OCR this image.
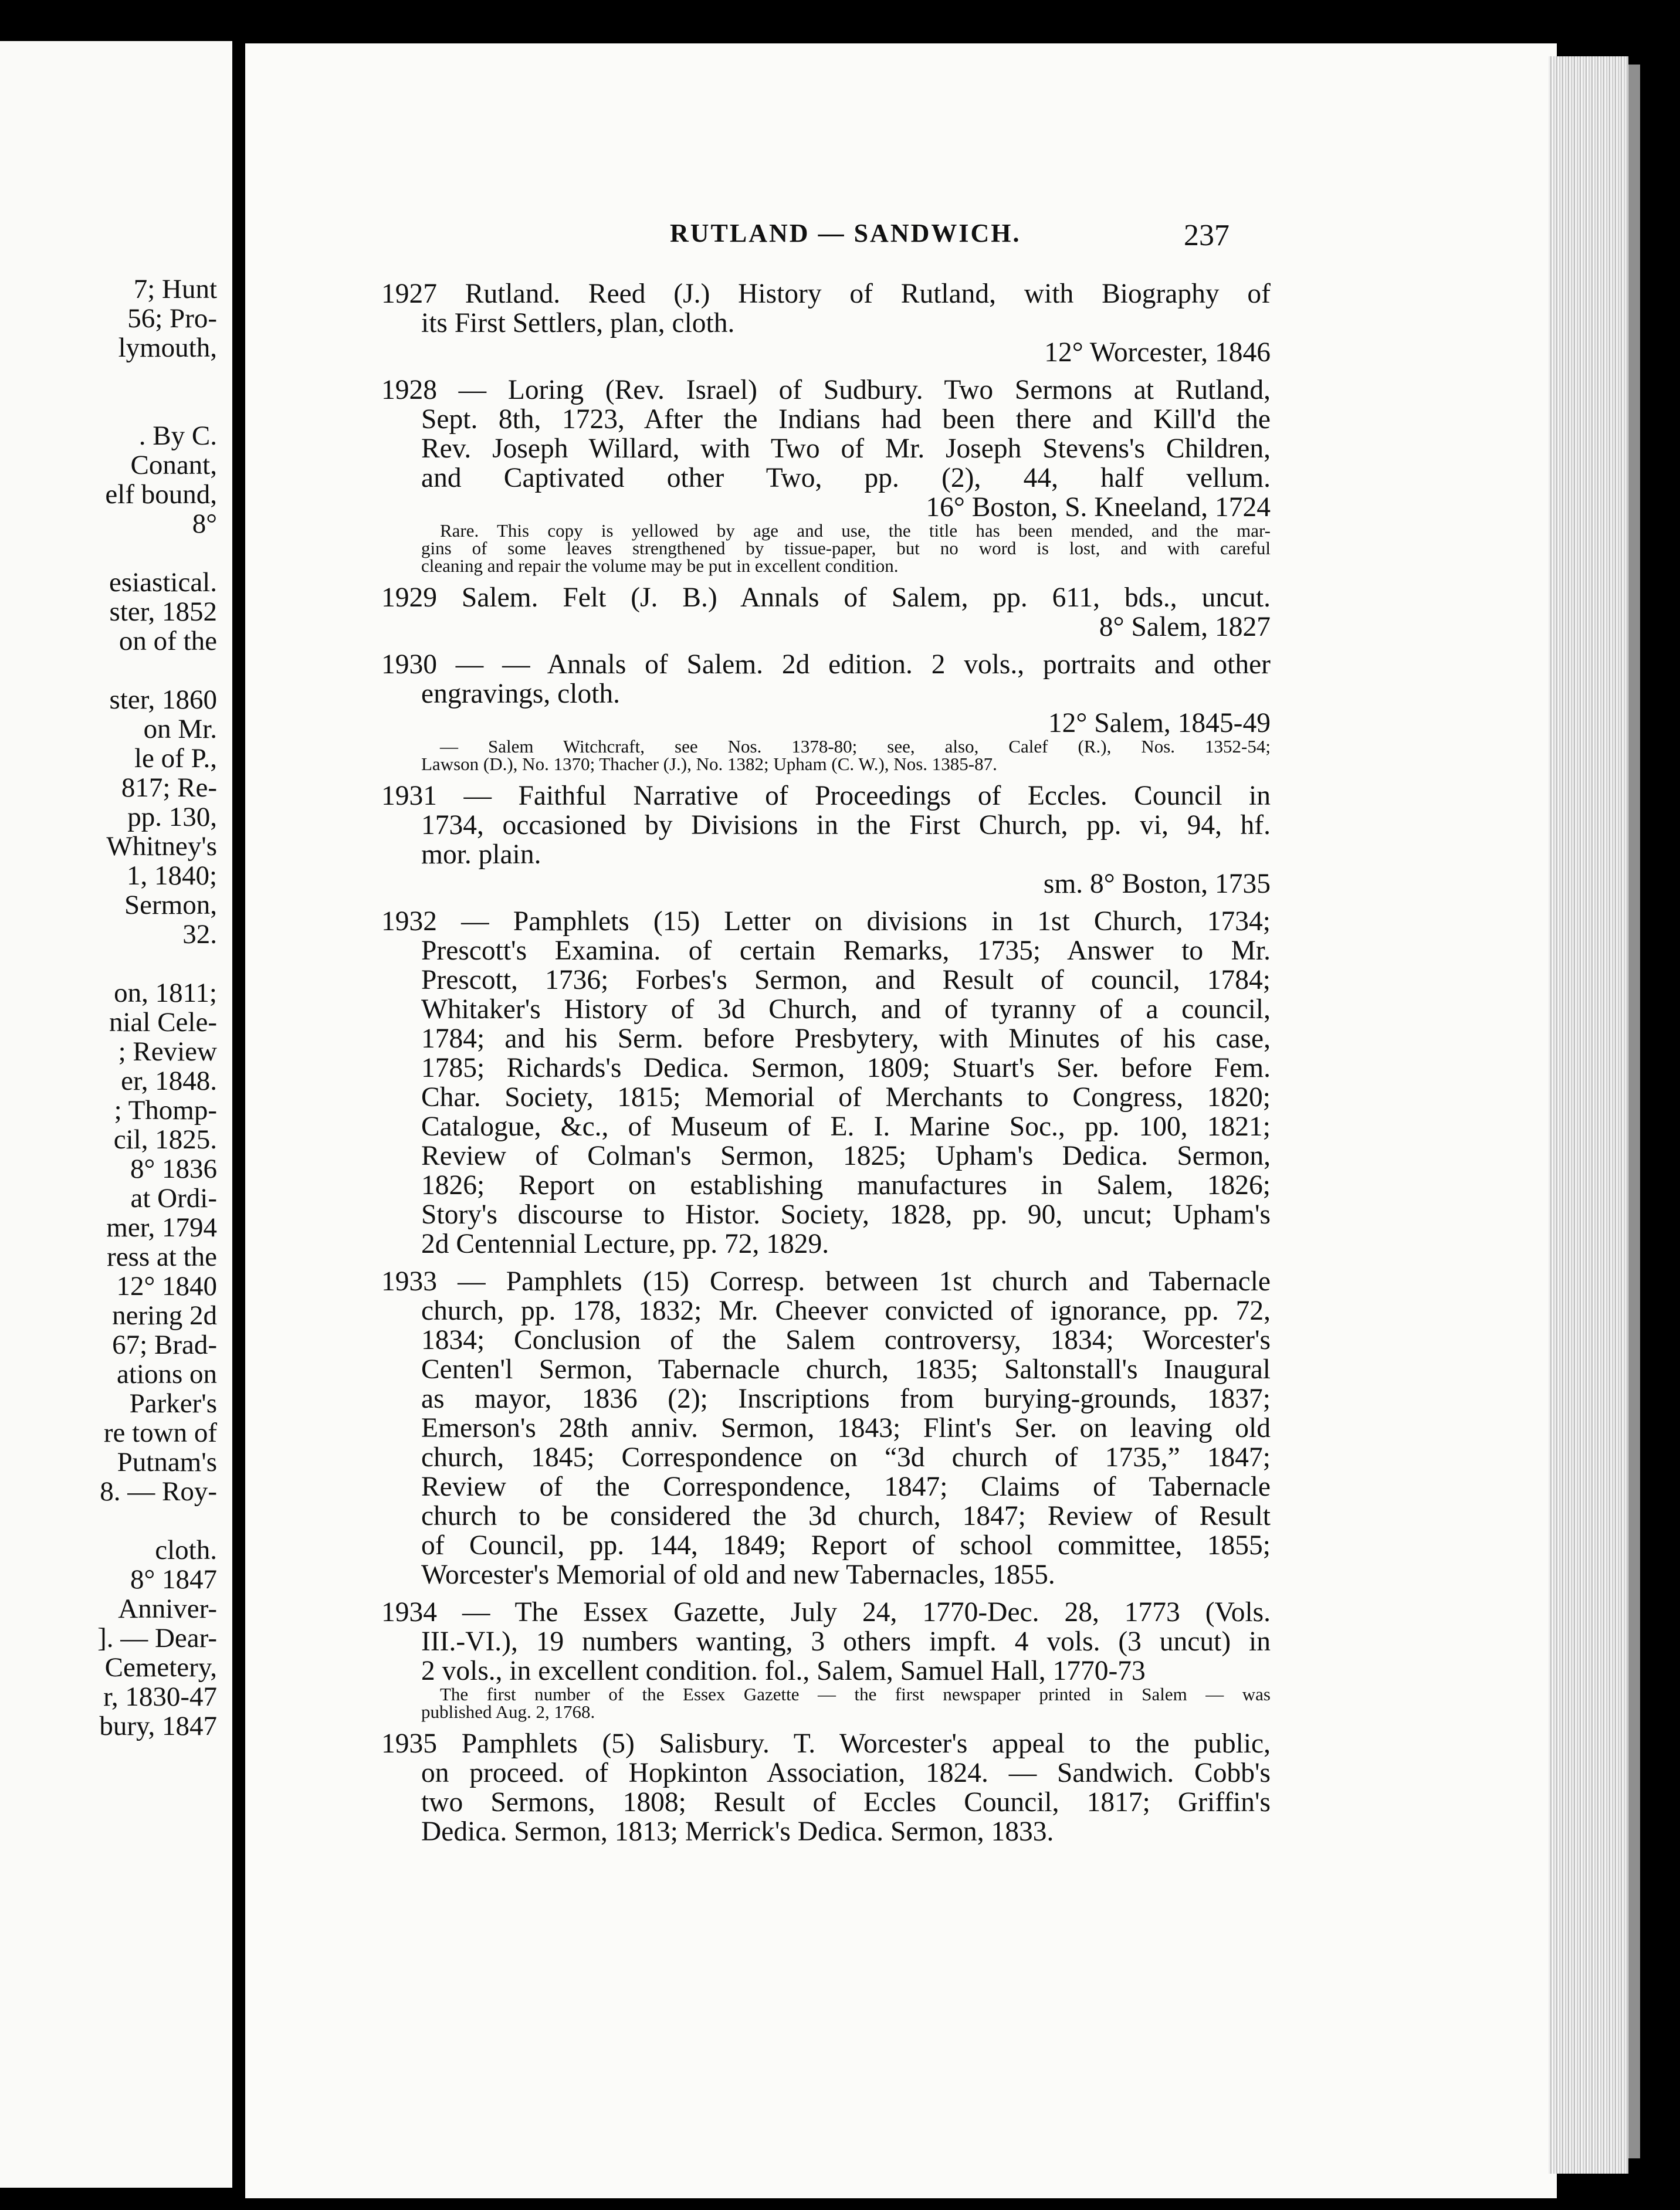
7; Hunt
56; Pro-
lymouth,
. By C.
Conant,
elf bound,
8°
esiastical.
ster, 1852
on of the
ster, 1860
on Mr.
le of P.,
817; Re-
pp. 130,
Whitney's
1, 1840;
Sermon,
32.
on, 1811;
nial Cele-
; Review
er, 1848.
; Thomp-
cil, 1825.
8° 1836
at Ordi-
mer, 1794
ress at the
12° 1840
nering 2d
67; Brad-
ations on
Parker's
re town of
Putnam's
8. — Roy-
cloth.
8° 1847
Anniver-
]. — Dear-
Cemetery,
r, 1830-47
bury, 1847
RUTLAND — SANDWICH.	237
1927 Rutland. Reed (J.) History of Rutland, with Biography of
its First Settlers, plan, cloth.
12° Worcester, 1846
1928 — Loring (Rev. Israel) of Sudbury. Two Sermons at Rutland,
Sept. 8th, 1723, After the Indians had been there and Kill'd the
Rev. Joseph Willard, with Two of Mr. Joseph Stevens's Children,
and Captivated other Two, pp. (2), 44, half vellum.
16° Boston, S. Kneeland, 1724
Rare. This copy is yellowed by age and use, the title has been mended, and the mar-
gins of some leaves strengthened by tissue-paper, but no word is lost, and with careful
cleaning and repair the volume may be put in excellent condition.
1929 Salem. Felt (J. B.) Annals of Salem, pp. 611, bds., uncut.
8° Salem, 1827
1930 — — Annals of Salem. 2d edition. 2 vols., portraits and other
engravings, cloth.
12° Salem, 1845-49
— Salem Witchcraft, see Nos. 1378-80; see, also, Calef (R.), Nos. 1352-54;
Lawson (D.), No. 1370; Thacher (J.), No. 1382; Upham (C. W.), Nos. 1385-87.
1931 — Faithful Narrative of Proceedings of Eccles. Council in
1734, occasioned by Divisions in the First Church, pp. vi, 94, hf.
mor. plain.
sm. 8° Boston, 1735
1932 — Pamphlets (15) Letter on divisions in 1st Church, 1734;
Prescott's Examina. of certain Remarks, 1735; Answer to Mr.
Prescott, 1736; Forbes's Sermon, and Result of council, 1784;
Whitaker's History of 3d Church, and of tyranny of a council,
1784; and his Serm. before Presbytery, with Minutes of his case,
1785; Richards's Dedica. Sermon, 1809; Stuart's Ser. before Fem.
Char. Society, 1815; Memorial of Merchants to Congress, 1820;
Catalogue, &c., of Museum of E. I. Marine Soc., pp. 100, 1821;
Review of Colman's Sermon, 1825; Upham's Dedica. Sermon,
1826; Report on establishing manufactures in Salem, 1826;
Story's discourse to Histor. Society, 1828, pp. 90, uncut; Upham's
2d Centennial Lecture, pp. 72, 1829.
1933 — Pamphlets (15) Corresp. between 1st church and Tabernacle
church, pp. 178, 1832; Mr. Cheever convicted of ignorance, pp. 72,
1834; Conclusion of the Salem controversy, 1834; Worcester's
Centen'l Sermon, Tabernacle church, 1835; Saltonstall's Inaugural
as mayor, 1836 (2); Inscriptions from burying-grounds, 1837;
Emerson's 28th anniv. Sermon, 1843; Flint's Ser. on leaving old
church, 1845; Correspondence on “3d church of 1735,” 1847;
Review of the Correspondence, 1847; Claims of Tabernacle
church to be considered the 3d church, 1847; Review of Result
of Council, pp. 144, 1849; Report of school committee, 1855;
Worcester's Memorial of old and new Tabernacles, 1855.
1934 — The Essex Gazette, July 24, 1770-Dec. 28, 1773 (Vols.
III.-VI.), 19 numbers wanting, 3 others impft. 4 vols. (3 uncut) in
2 vols., in excellent condition. fol., Salem, Samuel Hall, 1770-73
The first number of the Essex Gazette — the first newspaper printed in Salem — was
published Aug. 2, 1768.
1935 Pamphlets (5) Salisbury. T. Worcester's appeal to the public,
on proceed. of Hopkinton Association, 1824. — Sandwich. Cobb's
two Sermons, 1808; Result of Eccles Council, 1817; Griffin's
Dedica. Sermon, 1813; Merrick's Dedica. Sermon, 1833.
